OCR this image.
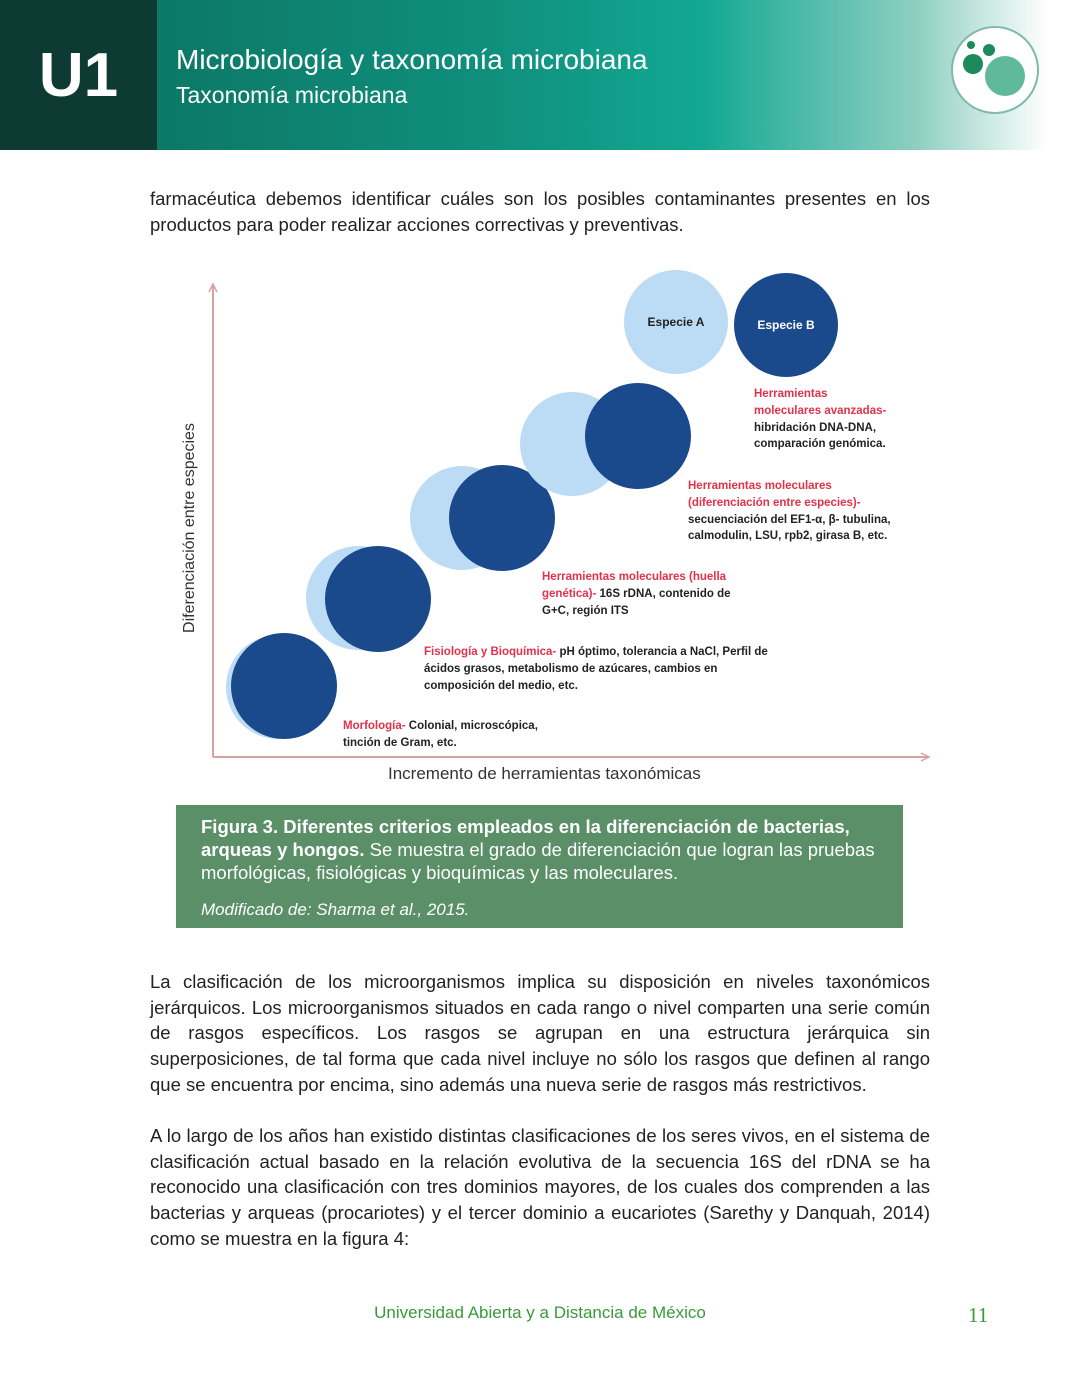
U1	Microbiología y taxonomía microbiana
Taxonomía microbiana

farmacéutica debemos identificar cuáles son los posibles contaminantes presentes en los productos para poder realizar acciones correctivas y preventivas.

Especie A	Especie B
Diferenciación entre especies
Incremento de herramientas taxonómicas
Morfología- Colonial, microscópica, tinción de Gram, etc.
Fisiología y Bioquímica- pH óptimo, tolerancia a NaCl, Perfil de ácidos grasos, metabolismo de azúcares, cambios en composición del medio, etc.
Herramientas moleculares (huella genética)- 16S rDNA, contenido de G+C, región ITS
Herramientas moleculares (diferenciación entre especies)- secuenciación del EF1-α, β- tubulina, calmodulin, LSU, rpb2, girasa B, etc.
Herramientas moleculares avanzadas- hibridación DNA-DNA, comparación genómica.
Figura 3. Diferentes criterios empleados en la diferenciación de bacterias, arqueas y hongos. Se muestra el grado de diferenciación que logran las pruebas morfológicas, fisiológicas y bioquímicas y las moleculares.
Modificado de: Sharma et al., 2015.

La clasificación de los microorganismos implica su disposición en niveles taxonómicos jerárquicos. Los microorganismos situados en cada rango o nivel comparten una serie común de rasgos específicos. Los rasgos se agrupan en una estructura jerárquica sin superposiciones, de tal forma que cada nivel incluye no sólo los rasgos que definen al rango que se encuentra por encima, sino además una nueva serie de rasgos más restrictivos.

A lo largo de los años han existido distintas clasificaciones de los seres vivos, en el sistema de clasificación actual basado en la relación evolutiva de la secuencia 16S del rDNA se ha reconocido una clasificación con tres dominios mayores, de los cuales dos comprenden a las bacterias y arqueas (procariotes) y el tercer dominio a eucariotes (Sarethy y Danquah, 2014) como se muestra en la figura 4:

Universidad Abierta y a Distancia de México	11
